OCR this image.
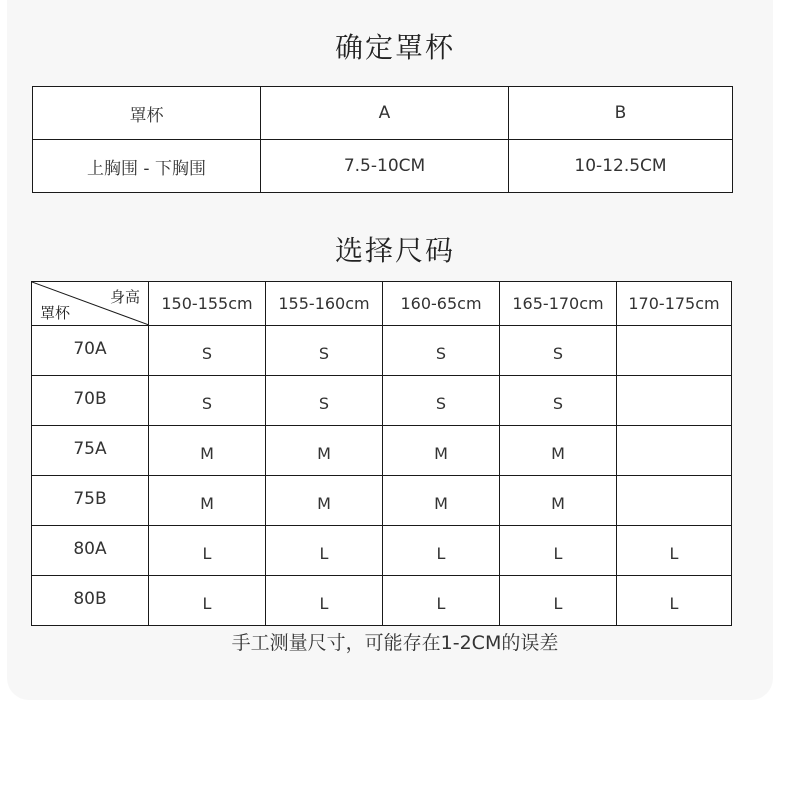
确定罩杯
罩杯	A	B
上胸围 - 下胸围	7.5-10CM	10-12.5CM
选择尺码
身高
罩杯	150-155cm	155-160cm	160-65cm	165-170cm	170-175cm
70A	S	S	S	S	
70B	S	S	S	S	
75A	M	M	M	M	
75B	M	M	M	M	
80A	L	L	L	L	L
80B	L	L	L	L	L
手工测量尺寸，可能存在1-2CM的误差
